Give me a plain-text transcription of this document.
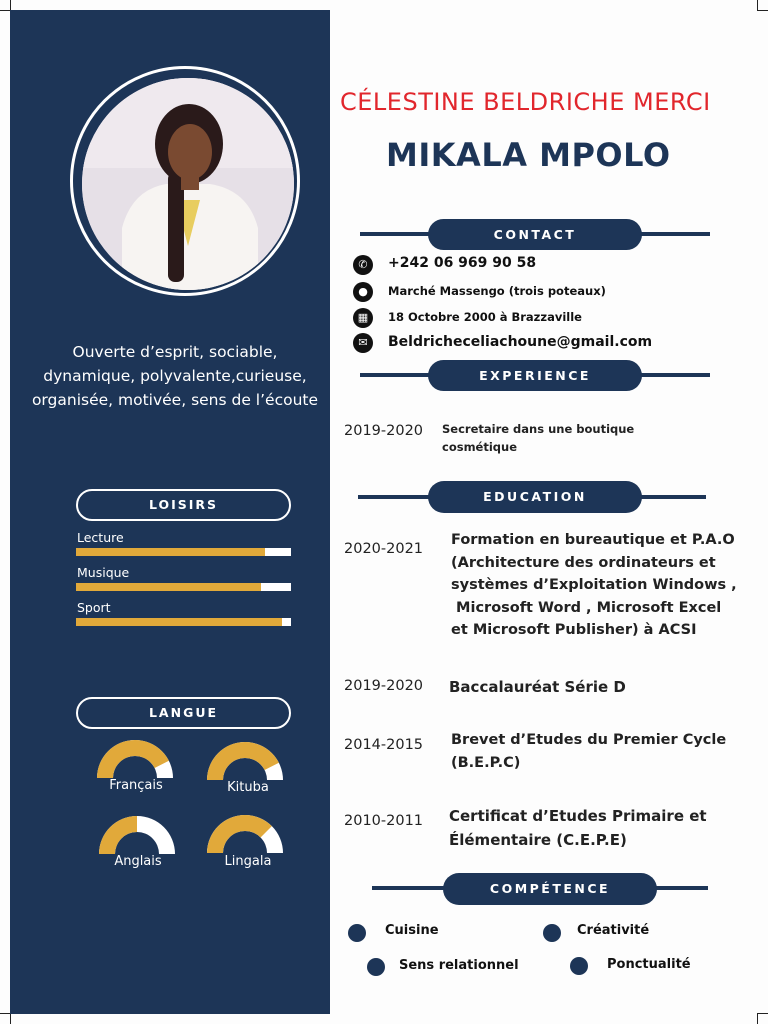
Ouverte d’esprit, sociable, dynamique, polyvalente,curieuse, organisée, motivée, sens de l’écoute
LOISIRS
Lecture
Musique
Sport
LANGUE
Français	Kituba
Anglais	Lingala
CÉLESTINE BELDRICHE MERCI
MIKALA MPOLO
CONTACT
✆	+242 06 969 90 58
●	Marché Massengo (trois poteaux)
▦	18 Octobre 2000 à Brazzaville
✉	Beldricheceliachoune@gmail.com
EXPERIENCE
2019-2020 Secretaire dans une boutique cosmétique
EDUCATION
2020-2021
Formation en bureautique et P.A.O
(Architecture des ordinateurs et
systèmes d’Exploitation Windows ,
Microsoft Word , Microsoft Excel
et Microsoft Publisher) à ACSI
2019-2020 Baccalauréat Série D
2014-2015 Brevet d’Etudes du Premier Cycle
(B.E.P.C)
2010-2011 Certificat d’Etudes Primaire et
Élémentaire (C.E.P.E)
COMPÉTENCE
Cuisine	Créativité
Sens relationnel	Ponctualité
